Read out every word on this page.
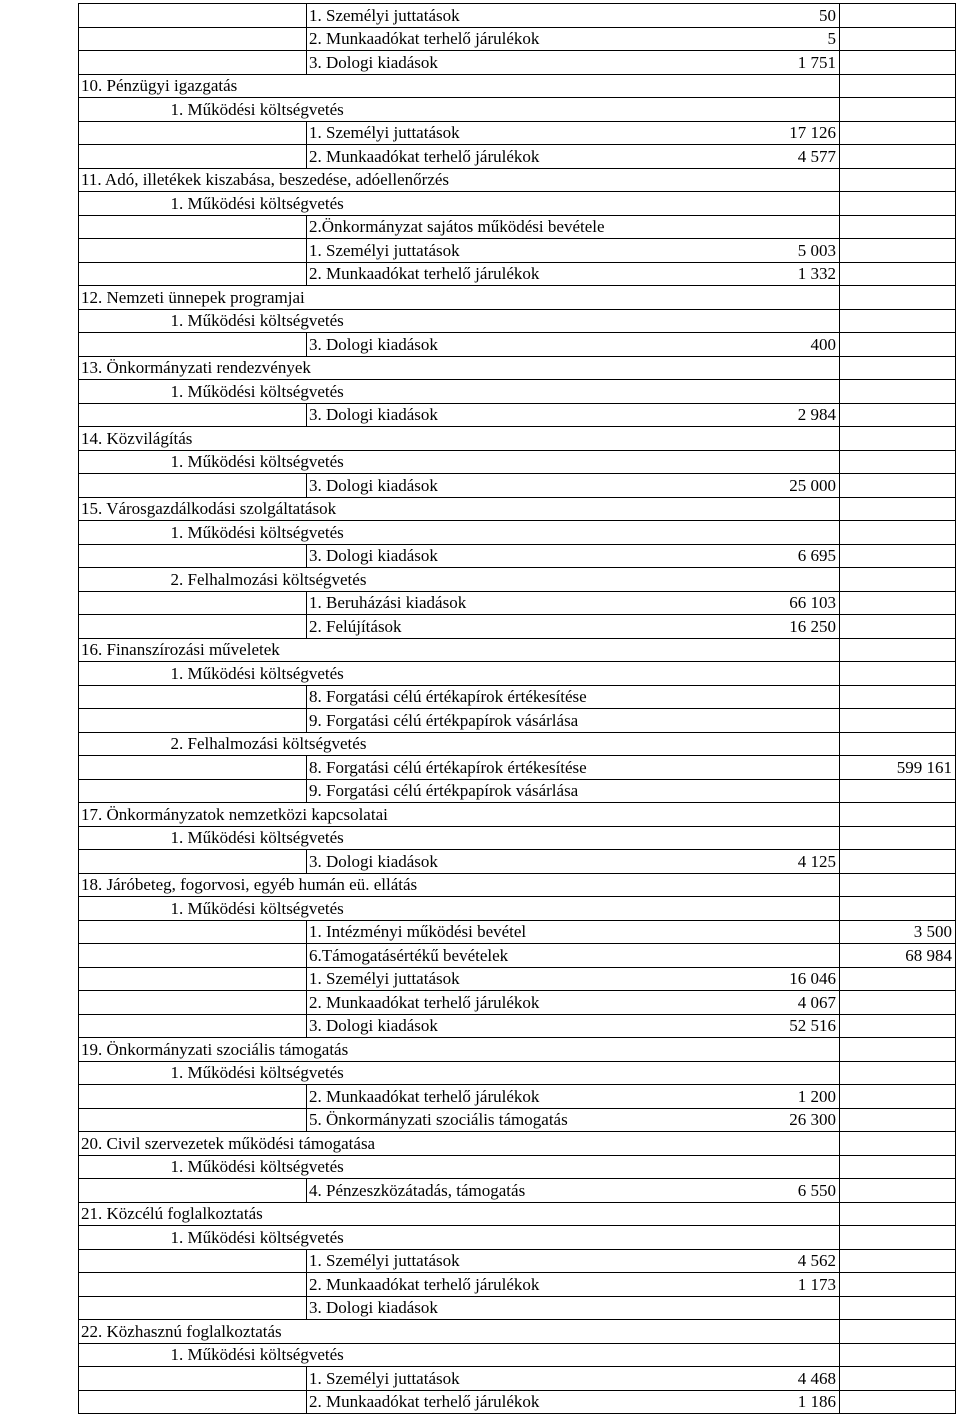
		1. Személyi juttatások 50	

		2. Munkaadókat terhelő járulékok 5	

		3. Dologi kiadások 1 751	

10. Pénzügyi igazgatás			
	1. Működési költségvetés		
		1. Személyi juttatások 17 126	

		2. Munkaadókat terhelő járulékok 4 577	

11. Adó, illetékek kiszabása, beszedése, adóellenőrzés			
	1. Működési költségvetés		
		2.Önkormányzat sajátos működési bevétele

		1. Személyi juttatások 5 003	

		2. Munkaadókat terhelő járulékok 1 332	

12. Nemzeti ünnepek programjai			
	1. Működési költségvetés		
		3. Dologi kiadások 400	

13. Önkormányzati rendezvények			
	1. Működési költségvetés		
		3. Dologi kiadások 2 984	

14. Közvilágítás			
	1. Működési költségvetés		
		3. Dologi kiadások 25 000	

15. Városgazdálkodási szolgáltatások			
	1. Működési költségvetés		
		3. Dologi kiadások 6 695	

	2. Felhalmozási költségvetés		
		1. Beruházási kiadások 66 103	

		2. Felújítások 16 250	

16. Finanszírozási műveletek			
	1. Működési költségvetés		
		8. Forgatási célú értékapírok értékesítése

		9. Forgatási célú értékpapírok vásárlása

	2. Felhalmozási költségvetés		
		8. Forgatási célú értékapírok értékesítése	599 161
		9. Forgatási célú értékpapírok vásárlása

17. Önkormányzatok nemzetközi kapcsolatai			
	1. Működési költségvetés		
		3. Dologi kiadások 4 125	

18. Járóbeteg, fogorvosi, egyéb humán eü. ellátás			
	1. Működési költségvetés		
		1. Intézményi működési bevétel	3 500
		6.Támogatásértékű bevételek	68 984
		1. Személyi juttatások 16 046	

		2. Munkaadókat terhelő járulékok 4 067	

		3. Dologi kiadások 52 516	

19. Önkormányzati szociális támogatás			
	1. Működési költségvetés		
		2. Munkaadókat terhelő járulékok 1 200	

		5. Önkormányzati szociális támogatás 26 300	

20. Civil szervezetek működési támogatása			
	1. Működési költségvetés		
		4. Pénzeszközátadás, támogatás 6 550	

21. Közcélú foglalkoztatás			
	1. Működési költségvetés		
		1. Személyi juttatások 4 562	

		2. Munkaadókat terhelő járulékok 1 173	

		3. Dologi kiadások

22. Közhasznú foglalkoztatás			
	1. Működési költségvetés		
		1. Személyi juttatások 4 468	

		2. Munkaadókat terhelő járulékok 1 186	
